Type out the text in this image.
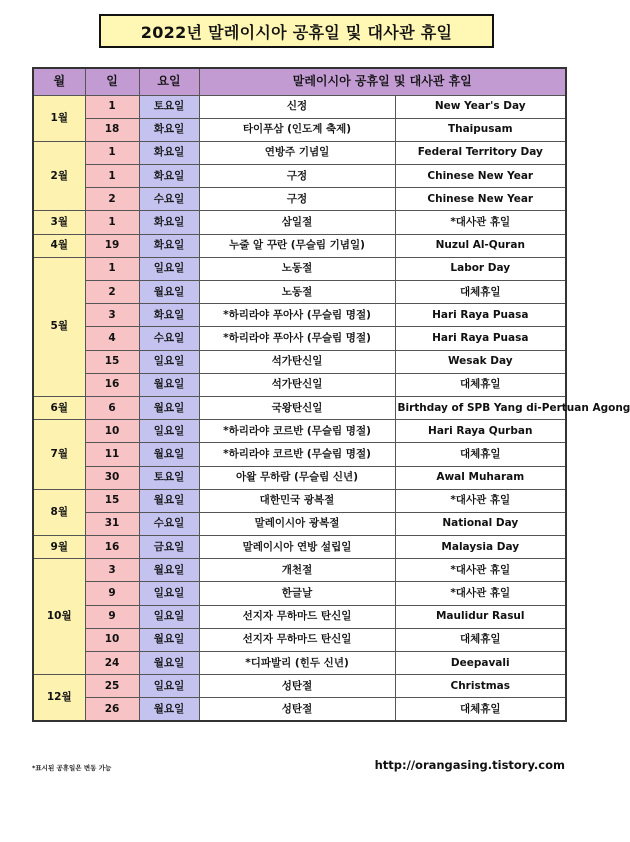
2022년 말레이시아 공휴일 및 대사관 휴일
월	일	요일	말레이시아 공휴일 및 대사관 휴일	
1월	1	토요일	신정	New Year's Day
	18	화요일	타이푸삼 (인도계 축제)	Thaipusam
2월	1	화요일	연방주 기념일	Federal Territory Day
	1	화요일	구정	Chinese New Year
	2	수요일	구정	Chinese New Year
3월	1	화요일	삼일절	*대사관 휴일
4월	19	화요일	누줄 알 꾸란 (무슬림 기념일)	Nuzul Al-Quran
5월	1	일요일	노동절	Labor Day
	2	월요일	노동절	대체휴일
	3	화요일	*하리라야 푸아사 (무슬림 명절)	Hari Raya Puasa
	4	수요일	*하리라야 푸아사 (무슬림 명절)	Hari Raya Puasa
	15	일요일	석가탄신일	Wesak Day
	16	월요일	석가탄신일	대체휴일
6월	6	월요일	국왕탄신일	Birthday of SPB Yang di-Pertuan Agong
7월	10	일요일	*하리라야 코르반 (무슬림 명절)	Hari Raya Qurban
	11	월요일	*하리라야 코르반 (무슬림 명절)	대체휴일
	30	토요일	아왈 무하람 (무슬림 신년)	Awal Muharam
8월	15	월요일	대한민국 광복절	*대사관 휴일
	31	수요일	말레이시아 광복절	National Day
9월	16	금요일	말레이시아 연방 설립일	Malaysia Day
10월	3	월요일	개천절	*대사관 휴일
	9	일요일	한글날	*대사관 휴일
	9	일요일	선지자 무하마드 탄신일	Maulidur Rasul
	10	월요일	선지자 무하마드 탄신일	대체휴일
	24	월요일	*디파발리 (힌두 신년)	Deepavali
12월	25	일요일	성탄절	Christmas
	26	월요일	성탄절	대체휴일
*표시된 공휴일은 변동 가능	http://orangasing.tistory.com
